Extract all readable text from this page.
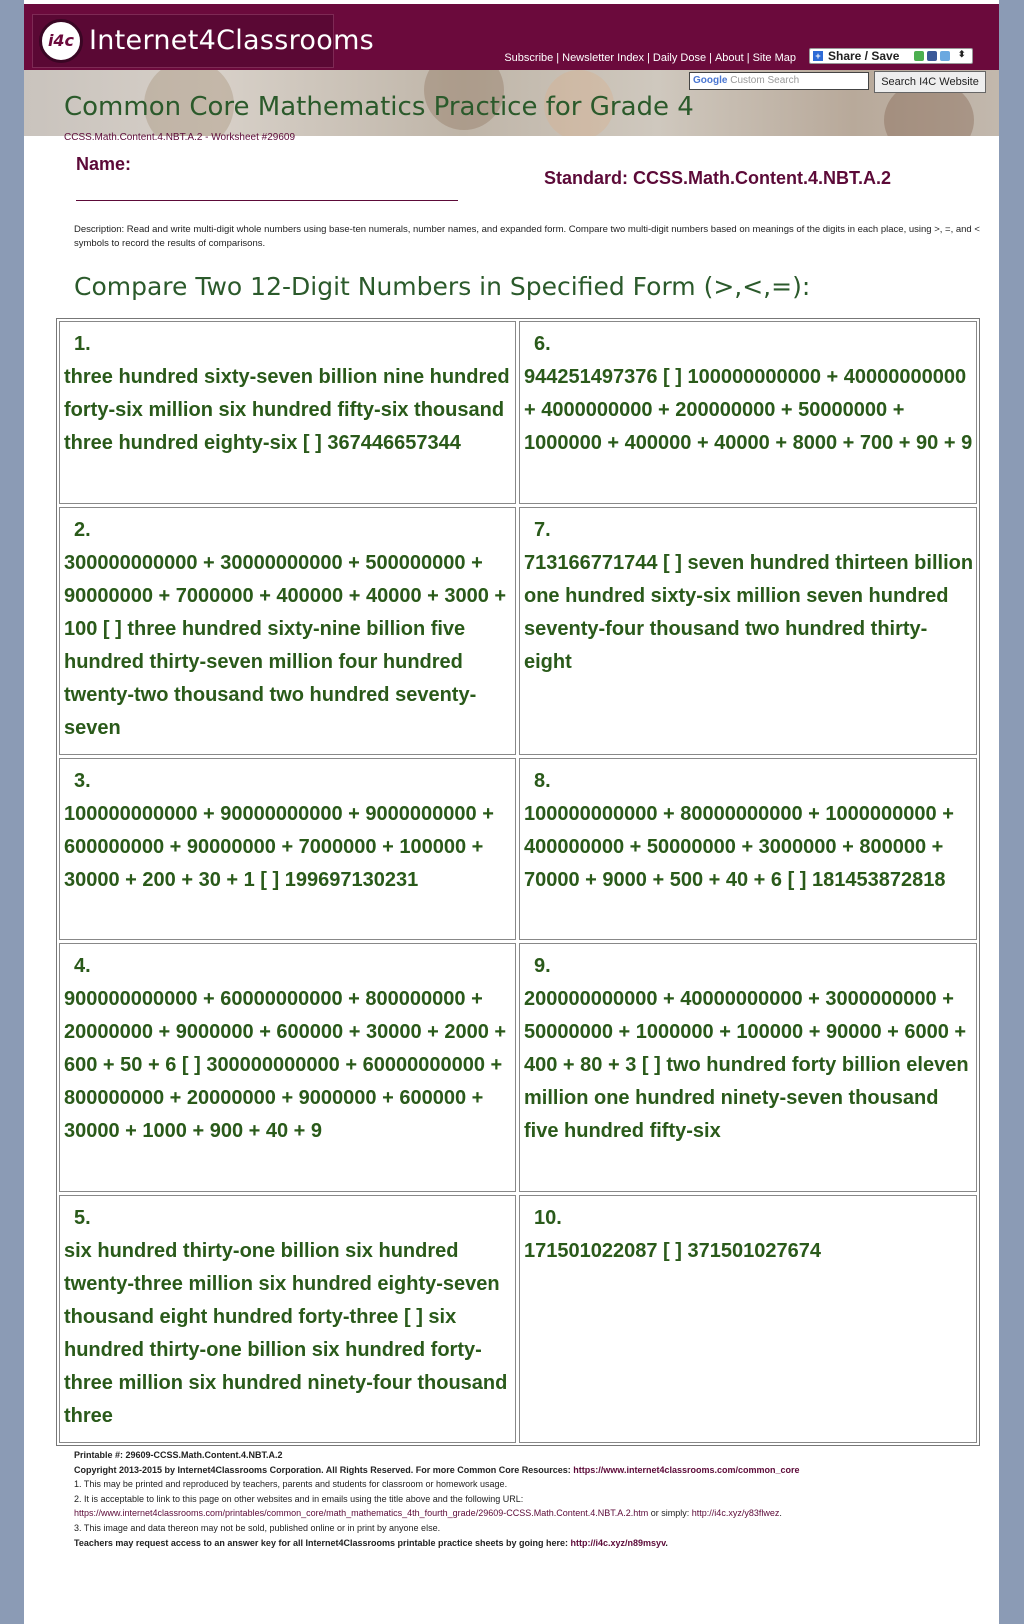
i4c Internet4Classrooms
Subscribe | Newsletter Index | Daily Dose | About | Site Map	+ Share / Save	⬍
Google Custom Search	Search I4C Website
Common Core Mathematics Practice for Grade 4
CCSS.Math.Content.4.NBT.A.2 - Worksheet #29609
Name:
Standard: CCSS.Math.Content.4.NBT.A.2
Description: Read and write multi-digit whole numbers using base-ten numerals, number names, and expanded form. Compare two multi-digit numbers based on meanings of the digits in each place, using >, =, and < symbols to record the results of comparisons.
Compare Two 12-Digit Numbers in Specified Form (>,<,=):
1.
three hundred sixty-seven billion nine hundred forty-six million six hundred fifty-six thousand three hundred eighty-six [ ] 367446657344
6.
944251497376 [ ] 100000000000 + 40000000000 + 4000000000 + 200000000 + 50000000 + 1000000 + 400000 + 40000 + 8000 + 700 + 90 + 9
2.
300000000000 + 30000000000 + 500000000 + 90000000 + 7000000 + 400000 + 40000 + 3000 + 100 [ ] three hundred sixty-nine billion five hundred thirty-seven million four hundred twenty-two thousand two hundred seventy-seven
7.
713166771744 [ ] seven hundred thirteen billion one hundred sixty-six million seven hundred seventy-four thousand two hundred thirty-eight
3.
100000000000 + 90000000000 + 9000000000 + 600000000 + 90000000 + 7000000 + 100000 + 30000 + 200 + 30 + 1 [ ] 199697130231
8.
100000000000 + 80000000000 + 1000000000 + 400000000 + 50000000 + 3000000 + 800000 + 70000 + 9000 + 500 + 40 + 6 [ ] 181453872818
4.
900000000000 + 60000000000 + 800000000 + 20000000 + 9000000 + 600000 + 30000 + 2000 + 600 + 50 + 6 [ ] 300000000000 + 60000000000 + 800000000 + 20000000 + 9000000 + 600000 + 30000 + 1000 + 900 + 40 + 9
9.
200000000000 + 40000000000 + 3000000000 + 50000000 + 1000000 + 100000 + 90000 + 6000 + 400 + 80 + 3 [ ] two hundred forty billion eleven million one hundred ninety-seven thousand five hundred fifty-six
5.
six hundred thirty-one billion six hundred twenty-three million six hundred eighty-seven thousand eight hundred forty-three [ ] six hundred thirty-one billion six hundred forty-three million six hundred ninety-four thousand three
10.
171501022087 [ ] 371501027674
Printable #: 29609-CCSS.Math.Content.4.NBT.A.2
Copyright 2013-2015 by Internet4Classrooms Corporation. All Rights Reserved. For more Common Core Resources: https://www.internet4classrooms.com/common_core
1. This may be printed and reproduced by teachers, parents and students for classroom or homework usage.
2. It is acceptable to link to this page on other websites and in emails using the title above and the following URL:
https://www.internet4classrooms.com/printables/common_core/math_mathematics_4th_fourth_grade/29609-CCSS.Math.Content.4.NBT.A.2.htm or simply: http://i4c.xyz/y83flwez.
3. This image and data thereon may not be sold, published online or in print by anyone else.
Teachers may request access to an answer key for all Internet4Classrooms printable practice sheets by going here: http://i4c.xyz/n89msyv.
